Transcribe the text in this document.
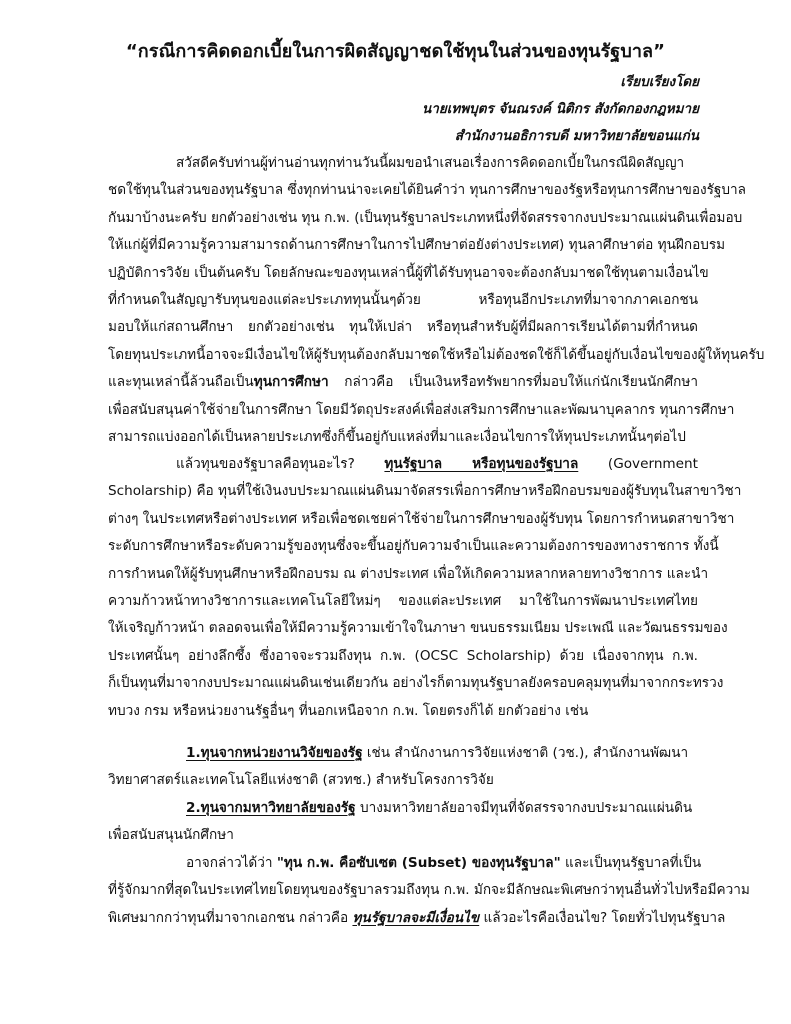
“กรณีการคิดดอกเบี้ยในการผิดสัญญาชดใช้ทุนในส่วนของทุนรัฐบาล”
เรียบเรียงโดย
นายเทพบุตร จันณรงค์ นิติกร สังกัดกองกฎหมาย
สำนักงานอธิการบดี มหาวิทยาลัยขอนแก่น
สวัสดีครับท่านผู้ท่านอ่านทุกท่านวันนี้ผมขอนำเสนอเรื่องการคิดดอกเบี้ยในกรณีผิดสัญญา
ชดใช้ทุนในส่วนของทุนรัฐบาล ซึ่งทุกท่านน่าจะเคยได้ยินคำว่า ทุนการศึกษาของรัฐหรือทุนการศึกษาของรัฐบาล
กันมาบ้างนะครับ ยกตัวอย่างเช่น ทุน ก.พ. (เป็นทุนรัฐบาลประเภทหนึ่งที่จัดสรรจากงบประมาณแผ่นดินเพื่อมอบ
ให้แก่ผู้ที่มีความรู้ความสามารถด้านการศึกษาในการไปศึกษาต่อยังต่างประเทศ) ทุนลาศึกษาต่อ ทุนฝึกอบรม
ปฏิบัติการวิจัย เป็นต้นครับ โดยลักษณะของทุนเหล่านี้ผู้ที่ได้รับทุนอาจจะต้องกลับมาชดใช้ทุนตามเงื่อนไข
ที่กำหนดในสัญญารับทุนของแต่ละประเภททุนนั้นๆด้วย หรือทุนอีกประเภทที่มาจากภาคเอกชน
มอบให้แก่สถานศึกษา ยกตัวอย่างเช่น ทุนให้เปล่า หรือทุนสำหรับผู้ที่มีผลการเรียนได้ตามที่กำหนด
โดยทุนประเภทนี้อาจจะมีเงื่อนไขให้ผู้รับทุนต้องกลับมาชดใช้หรือไม่ต้องชดใช้ก็ได้ขึ้นอยู่กับเงื่อนไขของผู้ให้ทุนครับ
และทุนเหล่านี้ล้วนถือเป็นทุนการศึกษา กล่าวคือ เป็นเงินหรือทรัพยากรที่มอบให้แก่นักเรียนนักศึกษา
เพื่อสนับสนุนค่าใช้จ่ายในการศึกษา โดยมีวัตถุประสงค์เพื่อส่งเสริมการศึกษาและพัฒนาบุคลากร ทุนการศึกษา
สามารถแบ่งออกได้เป็นหลายประเภทซึ่งก็ขึ้นอยู่กับแหล่งที่มาและเงื่อนไขการให้ทุนประเภทนั้นๆต่อไป
แล้วทุนของรัฐบาลคือทุนอะไร? ทุนรัฐบาล หรือทุนของรัฐบาล (Government
Scholarship) คือ ทุนที่ใช้เงินงบประมาณแผ่นดินมาจัดสรรเพื่อการศึกษาหรือฝึกอบรมของผู้รับทุนในสาขาวิชา
ต่างๆ ในประเทศหรือต่างประเทศ หรือเพื่อชดเชยค่าใช้จ่ายในการศึกษาของผู้รับทุน โดยการกำหนดสาขาวิชา
ระดับการศึกษาหรือระดับความรู้ของทุนซึ่งจะขึ้นอยู่กับความจำเป็นและความต้องการของทางราชการ ทั้งนี้
การกำหนดให้ผู้รับทุนศึกษาหรือฝึกอบรม ณ ต่างประเทศ เพื่อให้เกิดความหลากหลายทางวิชาการ และนำ
ความก้าวหน้าทางวิชาการและเทคโนโลยีใหม่ๆ ของแต่ละประเทศ มาใช้ในการพัฒนาประเทศไทย
ให้เจริญก้าวหน้า ตลอดจนเพื่อให้มีความรู้ความเข้าใจในภาษา ขนบธรรมเนียม ประเพณี และวัฒนธรรมของ
ประเทศนั้นๆ อย่างลึกซึ้ง ซึ่งอาจจะรวมถึงทุน ก.พ. (OCSC Scholarship) ด้วย เนื่องจากทุน ก.พ.
ก็เป็นทุนที่มาจากงบประมาณแผ่นดินเช่นเดียวกัน อย่างไรก็ตามทุนรัฐบาลยังครอบคลุมทุนที่มาจากกระทรวง
ทบวง กรม หรือหน่วยงานรัฐอื่นๆ ที่นอกเหนือจาก ก.พ. โดยตรงก็ได้ ยกตัวอย่าง เช่น
1.ทุนจากหน่วยงานวิจัยของรัฐ เช่น สำนักงานการวิจัยแห่งชาติ (วช.), สำนักงานพัฒนา
วิทยาศาสตร์และเทคโนโลยีแห่งชาติ (สวทช.) สำหรับโครงการวิจัย
2.ทุนจากมหาวิทยาลัยของรัฐ บางมหาวิทยาลัยอาจมีทุนที่จัดสรรจากงบประมาณแผ่นดิน
เพื่อสนับสนุนนักศึกษา
อาจกล่าวได้ว่า "ทุน ก.พ. คือซับเซต (Subset) ของทุนรัฐบาล" และเป็นทุนรัฐบาลที่เป็น
ที่รู้จักมากที่สุดในประเทศไทยโดยทุนของรัฐบาลรวมถึงทุน ก.พ. มักจะมีลักษณะพิเศษกว่าทุนอื่นทั่วไปหรือมีความ
พิเศษมากกว่าทุนที่มาจากเอกชน กล่าวคือ ทุนรัฐบาลจะมีเงื่อนไข แล้วอะไรคือเงื่อนไข? โดยทั่วไปทุนรัฐบาล
